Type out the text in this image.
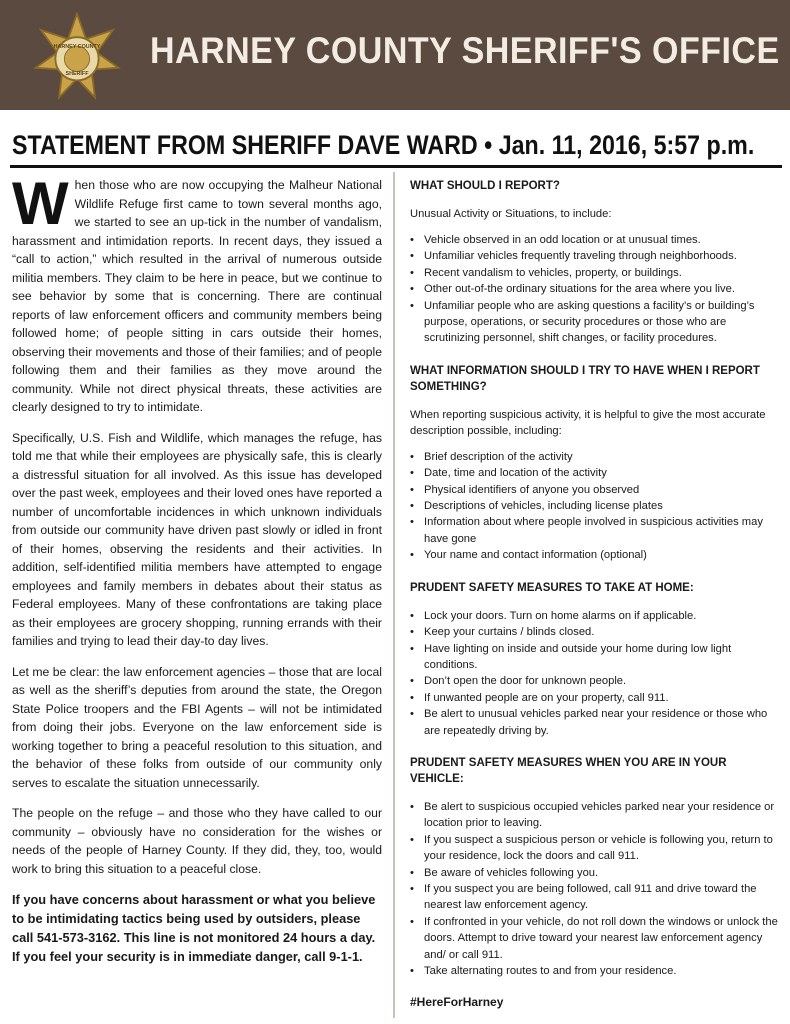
HARNEY COUNTY
SHERIFF
HARNEY COUNTY SHERIFF'S OFFICE
STATEMENT FROM SHERIFF DAVE WARD • Jan. 11, 2016, 5:57 p.m.

When those who are now occupying the Malheur National Wildlife Refuge first came to town several months ago, we started to see an up-tick in the number of vandalism, harassment and intimidation reports. In recent days, they issued a “call to action,” which resulted in the arrival of numerous outside militia members. They claim to be here in peace, but we continue to see behavior by some that is concerning. There are continual reports of law enforcement officers and community members being followed home; of people sitting in cars outside their homes, observing their movements and those of their families; and of people following them and their families as they move around the community. While not direct physical threats, these activities are clearly designed to try to intimidate.

Specifically, U.S. Fish and Wildlife, which manages the refuge, has told me that while their employees are physically safe, this is clearly a distressful situation for all involved. As this issue has developed over the past week, employees and their loved ones have reported a number of uncomfortable incidences in which unknown individuals from outside our community have driven past slowly or idled in front of their homes, observing the residents and their activities. In addition, self-identified militia members have attempted to engage employees and family members in debates about their status as Federal employees. Many of these confrontations are taking place as their employees are grocery shopping, running errands with their families and trying to lead their day-to day lives.

Let me be clear: the law enforcement agencies – those that are local as well as the sheriff’s deputies from around the state, the Oregon State Police troopers and the FBI Agents – will not be intimidated from doing their jobs. Everyone on the law enforcement side is working together to bring a peaceful resolution to this situation, and the behavior of these folks from outside of our community only serves to escalate the situation unnecessarily.

The people on the refuge – and those who they have called to our community – obviously have no consideration for the wishes or needs of the people of Harney County. If they did, they, too, would work to bring this situation to a peaceful close.

If you have concerns about harassment or what you believe to be intimidating tactics being used by outsiders, please call 541-573-3162. This line is not monitored 24 hours a day. If you feel your security is in immediate danger, call 9-1-1.

WHAT SHOULD I REPORT?
Unusual Activity or Situations, to include:
• Vehicle observed in an odd location or at unusual times.
• Unfamiliar vehicles frequently traveling through neighborhoods.
• Recent vandalism to vehicles, property, or buildings.
• Other out-of-the ordinary situations for the area where you live.
• Unfamiliar people who are asking questions a facility’s or building’s purpose, operations, or security procedures or those who are scrutinizing personnel, shift changes, or facility procedures.
WHAT INFORMATION SHOULD I TRY TO HAVE WHEN I REPORT SOMETHING?
When reporting suspicious activity, it is helpful to give the most accurate description possible, including:
• Brief description of the activity
• Date, time and location of the activity
• Physical identifiers of anyone you observed
• Descriptions of vehicles, including license plates
• Information about where people involved in suspicious activities may have gone
• Your name and contact information (optional)
PRUDENT SAFETY MEASURES TO TAKE AT HOME:
• Lock your doors. Turn on home alarms on if applicable.
• Keep your curtains / blinds closed.
• Have lighting on inside and outside your home during low light conditions.
• Don’t open the door for unknown people.
• If unwanted people are on your property, call 911.
• Be alert to unusual vehicles parked near your residence or those who are repeatedly driving by.
PRUDENT SAFETY MEASURES WHEN YOU ARE IN YOUR VEHICLE:
• Be alert to suspicious occupied vehicles parked near your residence or location prior to leaving.
• If you suspect a suspicious person or vehicle is following you, return to your residence, lock the doors and call 911.
• Be aware of vehicles following you.
• If you suspect you are being followed, call 911 and drive toward the nearest law enforcement agency.
• If confronted in your vehicle, do not roll down the windows or unlock the doors. Attempt to drive toward your nearest law enforcement agency and/ or call 911.
• Take alternating routes to and from your residence.
#HereForHarney
